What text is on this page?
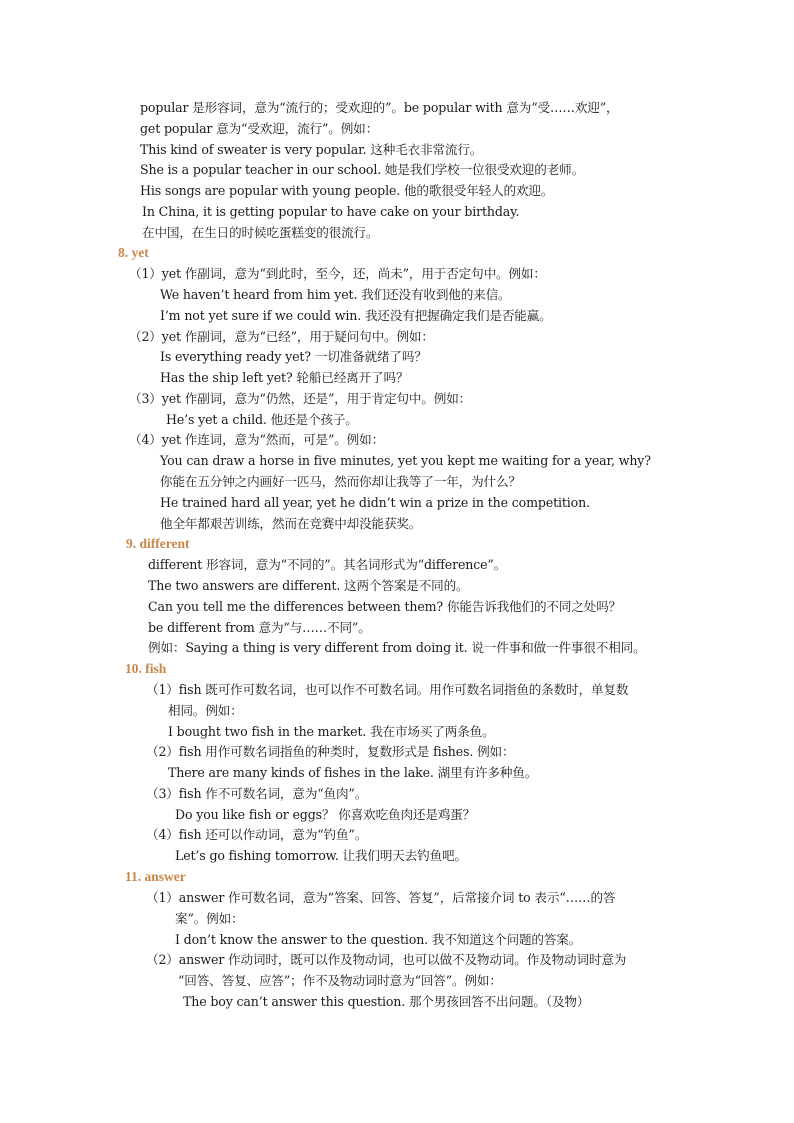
popular 是形容词，意为“流行的；受欢迎的”。be popular with 意为“受……欢迎”，
get popular 意为“受欢迎，流行”。例如：
This kind of sweater is very popular. 这种毛衣非常流行。
She is a popular teacher in our school. 她是我们学校一位很受欢迎的老师。
His songs are popular with young people. 他的歌很受年轻人的欢迎。
In China, it is getting popular to have cake on your birthday.
在中国，在生日的时候吃蛋糕变的很流行。
8. yet
（1）yet 作副词，意为“到此时，至今，还，尚未”，用于否定句中。例如：
We haven’t heard from him yet. 我们还没有收到他的来信。
I’m not yet sure if we could win. 我还没有把握确定我们是否能赢。
（2）yet 作副词，意为“已经”，用于疑问句中。例如：
Is everything ready yet? 一切准备就绪了吗？
Has the ship left yet? 轮船已经离开了吗？
（3）yet 作副词，意为“仍然，还是”，用于肯定句中。例如：
He’s yet a child. 他还是个孩子。
（4）yet 作连词，意为“然而，可是”。例如：
You can draw a horse in five minutes, yet you kept me waiting for a year, why?
你能在五分钟之内画好一匹马，然而你却让我等了一年，为什么？
He trained hard all year, yet he didn’t win a prize in the competition.
他全年都艰苦训练，然而在竞赛中却没能获奖。
9. different
different 形容词，意为“不同的”。其名词形式为“difference”。
The two answers are different. 这两个答案是不同的。
Can you tell me the differences between them? 你能告诉我他们的不同之处吗？
be different from 意为“与……不同”。
例如：Saying a thing is very different from doing it. 说一件事和做一件事很不相同。
10. fish
（1）fish 既可作可数名词，也可以作不可数名词。用作可数名词指鱼的条数时，单复数
相同。例如：
I bought two fish in the market. 我在市场买了两条鱼。
（2）fish 用作可数名词指鱼的种类时，复数形式是 fishes. 例如：
There are many kinds of fishes in the lake. 湖里有许多种鱼。
（3）fish 作不可数名词，意为“鱼肉”。
Do you like fish or eggs？ 你喜欢吃鱼肉还是鸡蛋？
（4）fish 还可以作动词，意为“钓鱼”。
Let’s go fishing tomorrow. 让我们明天去钓鱼吧。
11. answer
（1）answer 作可数名词，意为“答案、回答、答复”，后常接介词 to 表示“……的答
案”。例如：
I don’t know the answer to the question. 我不知道这个问题的答案。
（2）answer 作动词时，既可以作及物动词，也可以做不及物动词。作及物动词时意为
“回答、答复、应答”；作不及物动词时意为“回答”。例如：
The boy can’t answer this question. 那个男孩回答不出问题。（及物）
